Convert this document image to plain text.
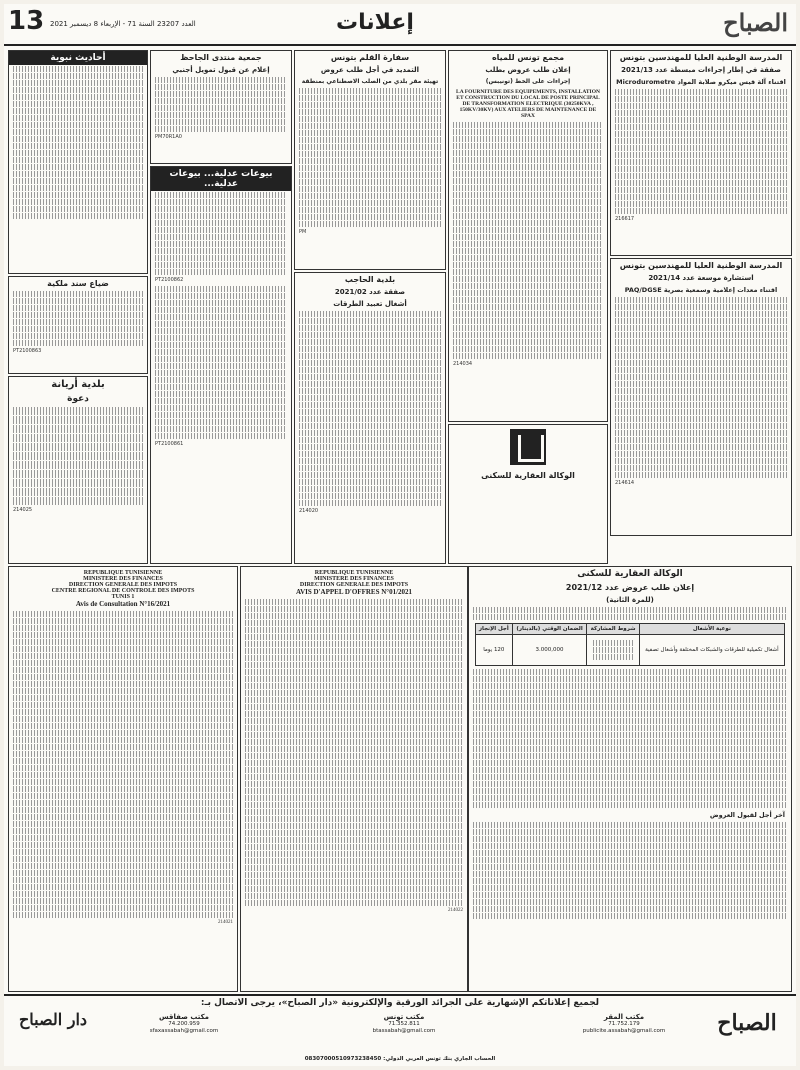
13 العدد 23207 السنة 71 - الإربعاء 8 ديسمبر 2021	إعلانات	الصباح
المدرسة الوطنية العليا للمهندسين بتونس
صفقة في إطار إجراءات مبسطة عدد 2021/13
اقتناء آلة قيس ميكرو صلابة المواد Microdurometre
216617
المدرسة الوطنية العليا للمهندسين بتونس
استشارة موسعة عدد 2021/14
اقتناء معدات إعلامية وسمعية بصرية PAQ/DGSE
214614
مجمع تونس للمياه
إعلان طلب عروض بطلب
إجراءات على الخط (تونيبس)
LA FOURNITURE DES EQUIPEMENTS, INSTALLATION ET CONSTRUCTION DU LOCAL DE POSTE PRINCIPAL DE TRANSFORMATION ELECTRIQUE (30250KVA , 150KV/30KV) AUX ATELIERS DE MAINTENANCE DE SPAX
214034
سفارة القلم بتونس
التمديد في أجل طلب عروض
تهيئة مقر بلدي من الصلب الاصطناعي بمنطقة
PM
بلدية الحاجب
صفقة عدد 2021/02
أشغال تعبيد الطرقات
214020
جمعية منتدى الجاحظ
إعلام عن قبول تمويل أجنبي
PM70R1A0
بيوعات عدلية... بيوعات عدلية...
PT2100862
PT2100861
أحاديث نبوية
ضياع سند ملكية
PT2100863
بلدية أريانة
دعوة
214025
الوكالة العقارية للسكنى
REPUBLIQUE TUNISIENNE
MINISTERE DES FINANCES
DIRECTION GENERALE DES IMPOTS
CENTRE REGIONAL DE CONTROLE DES IMPOTS
TUNIS 1
Avis de Consultation N°16/2021
214021
REPUBLIQUE TUNISIENNE
MINISTERE DES FINANCES
DIRECTION GENERALE DES IMPOTS
AVIS D'APPEL D'OFFRES N°01/2021
214022
الوكالة العقارية للسكنى
إعلان طلب عروض عدد 2021/12
(للمرة الثانية)
نوعية الأشغال	شروط المشاركة	الضمان الوقتي (بالدينار)	أجل الإنجاز
أشغال تكميلية للطرقات والشبكات المختلفة وأشغال تصفية		3.000,000	120 يوما
آخر أجل لقبول العروض
لجميع إعلاناتكم الإشهارية على الجرائد الورقية والإلكترونية «دار الصباح»، يرجى الاتصال بـ:
دار الصباح	مكتب صفاقس
74.200.959
sfaxassabah@gmail.com
مكتب تونس
71.352.811
btassabah@gmail.com
مكتب المقر
71.752.179
publicite.assabah@gmail.com
الحساب الجاري بنك تونس العربي الدولي: 08307000510973238450
الصباح
